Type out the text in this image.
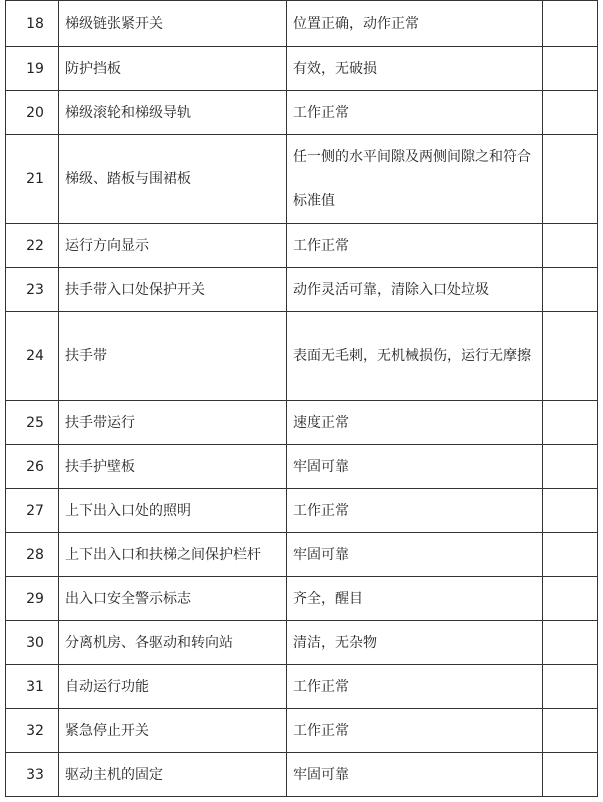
18	梯级链张紧开关	位置正确，动作正常	
19	防护挡板	有效，无破损	
20	梯级滚轮和梯级导轨	工作正常	
21	梯级、踏板与围裙板	任一侧的水平间隙及两侧间隙之和符合标准值	
22	运行方向显示	工作正常	
23	扶手带入口处保护开关	动作灵活可靠，清除入口处垃圾	
24	扶手带	表面无毛刺，无机械损伤，运行无摩擦	
25	扶手带运行	速度正常	
26	扶手护壁板	牢固可靠	
27	上下出入口处的照明	工作正常	
28	上下出入口和扶梯之间保护栏杆	牢固可靠	
29	出入口安全警示标志	齐全，醒目	
30	分离机房、各驱动和转向站	清洁，无杂物	
31	自动运行功能	工作正常	
32	紧急停止开关	工作正常	
33	驱动主机的固定	牢固可靠	
